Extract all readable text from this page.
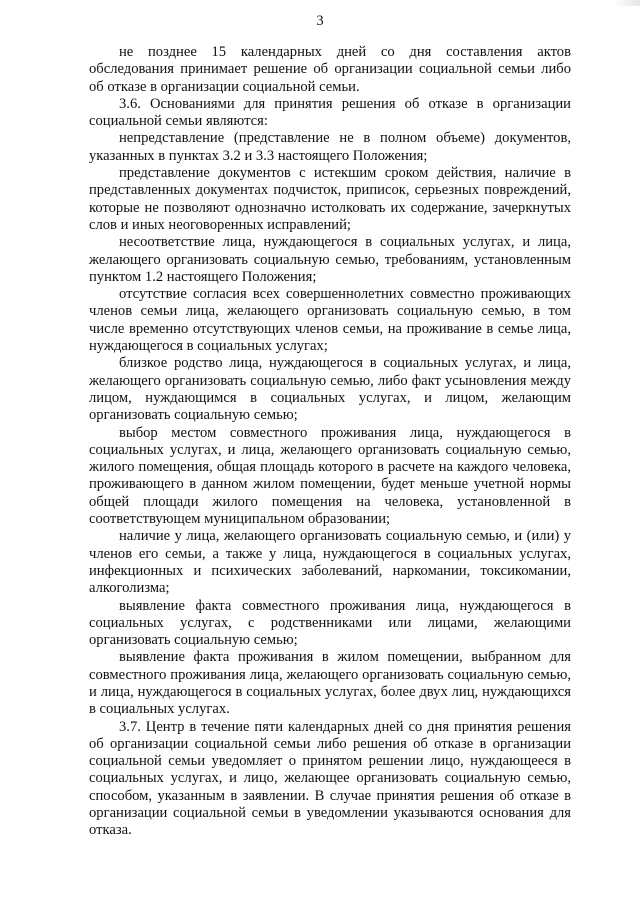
3

не позднее 15 календарных дней со дня составления актов обследования принимает решение об организации социальной семьи либо об отказе в организации социальной семьи.

3.6. Основаниями для принятия решения об отказе в организации социальной семьи являются:

непредставление (представление не в полном объеме) документов, указанных в пунктах 3.2 и 3.3 настоящего Положения;

представление документов с истекшим сроком действия, наличие в представленных документах подчисток, приписок, серьезных повреждений, которые не позволяют однозначно истолковать их содержание, зачеркнутых слов и иных неоговоренных исправлений;

несоответствие лица, нуждающегося в социальных услугах, и лица, желающего организовать социальную семью, требованиям, установленным пунктом 1.2 настоящего Положения;

отсутствие согласия всех совершеннолетних совместно проживающих членов семьи лица, желающего организовать социальную семью, в том числе временно отсутствующих членов семьи, на проживание в семье лица, нуждающегося в социальных услугах;

близкое родство лица, нуждающегося в социальных услугах, и лица, желающего организовать социальную семью, либо факт усыновления между лицом, нуждающимся в социальных услугах, и лицом, желающим организовать социальную семью;

выбор местом совместного проживания лица, нуждающегося в социальных услугах, и лица, желающего организовать социальную семью, жилого помещения, общая площадь которого в расчете на каждого человека, проживающего в данном жилом помещении, будет меньше учетной нормы общей площади жилого помещения на человека, установленной в соответствующем муниципальном образовании;

наличие у лица, желающего организовать социальную семью, и (или) у членов его семьи, а также у лица, нуждающегося в социальных услугах, инфекционных и психических заболеваний, наркомании, токсикомании, алкоголизма;

выявление факта совместного проживания лица, нуждающегося в социальных услугах, с родственниками или лицами, желающими организовать социальную семью;

выявление факта проживания в жилом помещении, выбранном для совместного проживания лица, желающего организовать социальную семью, и лица, нуждающегося в социальных услугах, более двух лиц, нуждающихся в социальных услугах.

3.7. Центр в течение пяти календарных дней со дня принятия решения об организации социальной семьи либо решения об отказе в организации социальной семьи уведомляет о принятом решении лицо, нуждающееся в социальных услугах, и лицо, желающее организовать социальную семью, способом, указанным в заявлении. В случае принятия решения об отказе в организации социальной семьи в уведомлении указываются основания для отказа.
